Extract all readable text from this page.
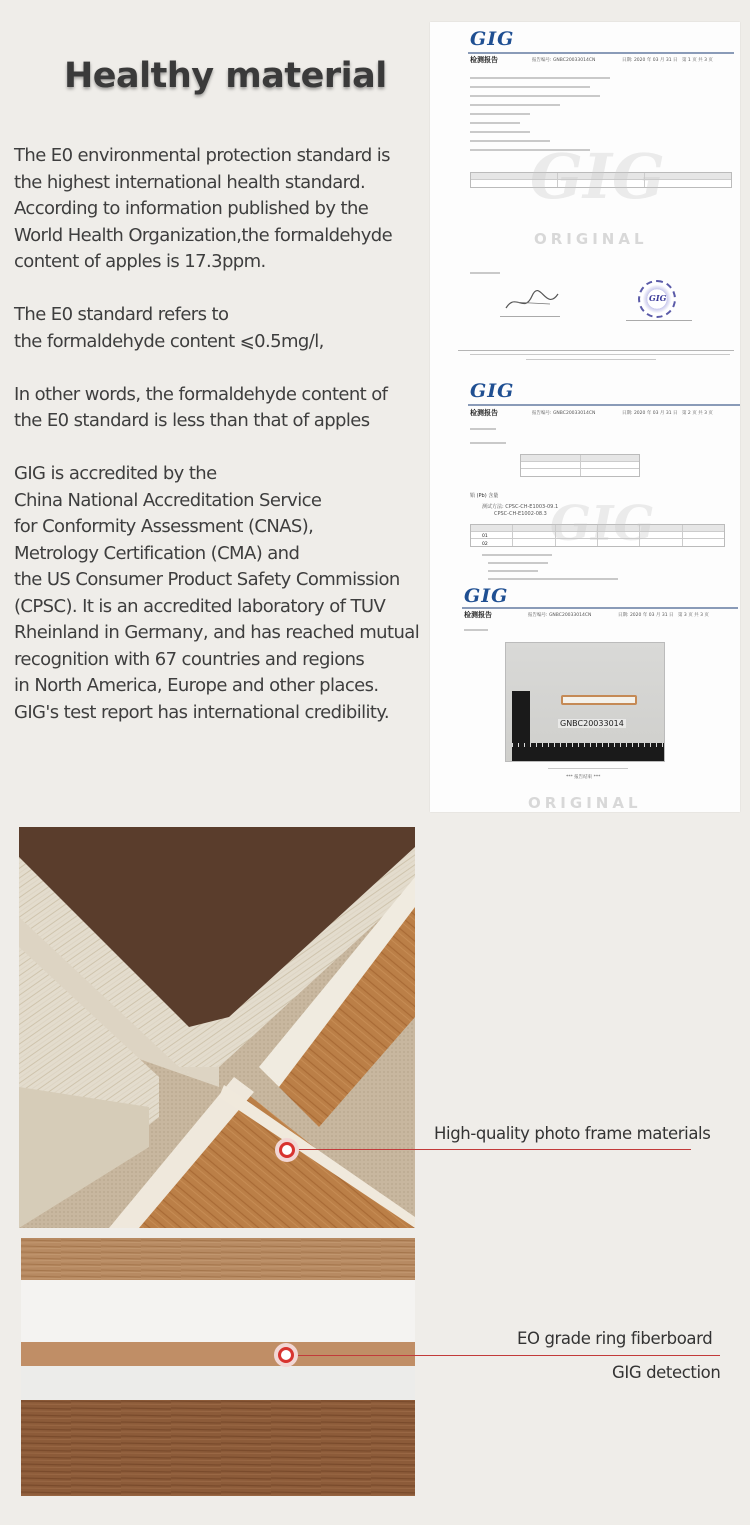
Healthy material

The E0 environmental protection standard is
the highest international health standard.
According to information published by the
World Health Organization,the formaldehyde
content of apples is 17.3ppm.

The E0 standard refers to
the formaldehyde content ⩽0.5mg/l,

In other words, the formaldehyde content of
the E0 standard is less than that of apples

GIG is accredited by the
China National Accreditation Service
for Conformity Assessment (CNAS),
Metrology Certification (CMA) and
the US Consumer Product Safety Commission
(CPSC). It is an accredited laboratory of TUV
Rheinland in Germany, and has reached mutual
recognition with 67 countries and regions
in North America, Europe and other places.
GIG's test report has international credibility.

GIG
检测报告	报告编号: GNBC20033014CN	日期: 2020 年 03 月 31 日 第 1 页 共 3 页
GIG
ORIGINAL
GIG
GIG
检测报告	报告编号: GNBC20033014CN	日期: 2020 年 03 月 31 日 第 2 页 共 3 页
铅 (Pb) 含量
测试方法: CPSC-CH-E1003-09.1
CPSC-CH-E1002-08.3
01
02 GIG
GIG
检测报告	报告编号: GNBC20033014CN	日期: 2020 年 03 月 31 日 第 3 页 共 3 页
GNBC20033014
*** 报告结束 ***
ORIGINAL
High-quality photo frame materials
EO grade ring fiberboard
GIG detection
